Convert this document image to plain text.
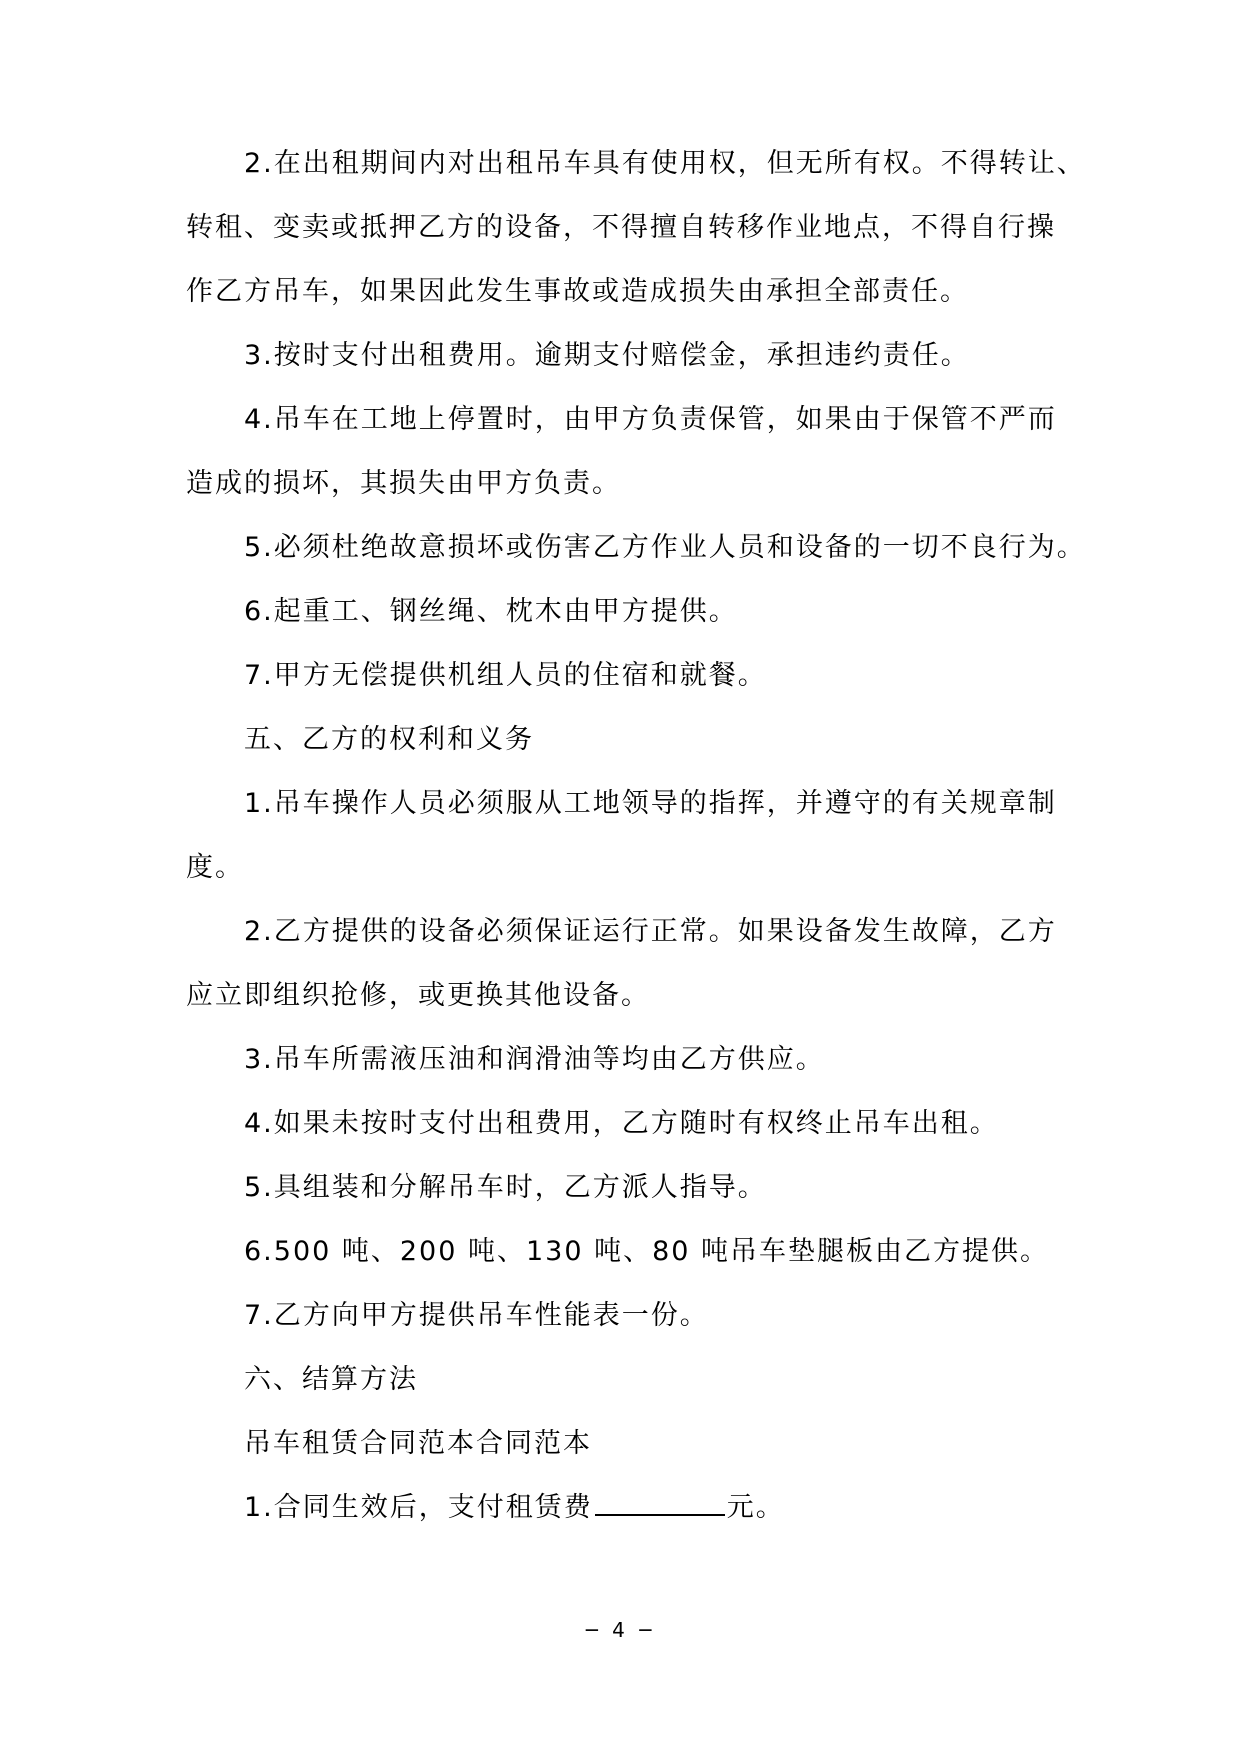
2.在出租期间内对出租吊车具有使用权，但无所有权。不得转让、
转租、变卖或抵押乙方的设备，不得擅自转移作业地点，不得自行操
作乙方吊车，如果因此发生事故或造成损失由承担全部责任。
3.按时支付出租费用。逾期支付赔偿金，承担违约责任。
4.吊车在工地上停置时，由甲方负责保管，如果由于保管不严而
造成的损坏，其损失由甲方负责。
5.必须杜绝故意损坏或伤害乙方作业人员和设备的一切不良行为。
6.起重工、钢丝绳、枕木由甲方提供。
7.甲方无偿提供机组人员的住宿和就餐。
五、乙方的权利和义务
1.吊车操作人员必须服从工地领导的指挥，并遵守的有关规章制
度。
2.乙方提供的设备必须保证运行正常。如果设备发生故障，乙方
应立即组织抢修，或更换其他设备。
3.吊车所需液压油和润滑油等均由乙方供应。
4.如果未按时支付出租费用，乙方随时有权终止吊车出租。
5.具组装和分解吊车时，乙方派人指导。
6.500 吨、200 吨、130 吨、80 吨吊车垫腿板由乙方提供。
7.乙方向甲方提供吊车性能表一份。
六、结算方法
吊车租赁合同范本合同范本
1.合同生效后，支付租赁费	元。
─ 4 ─
